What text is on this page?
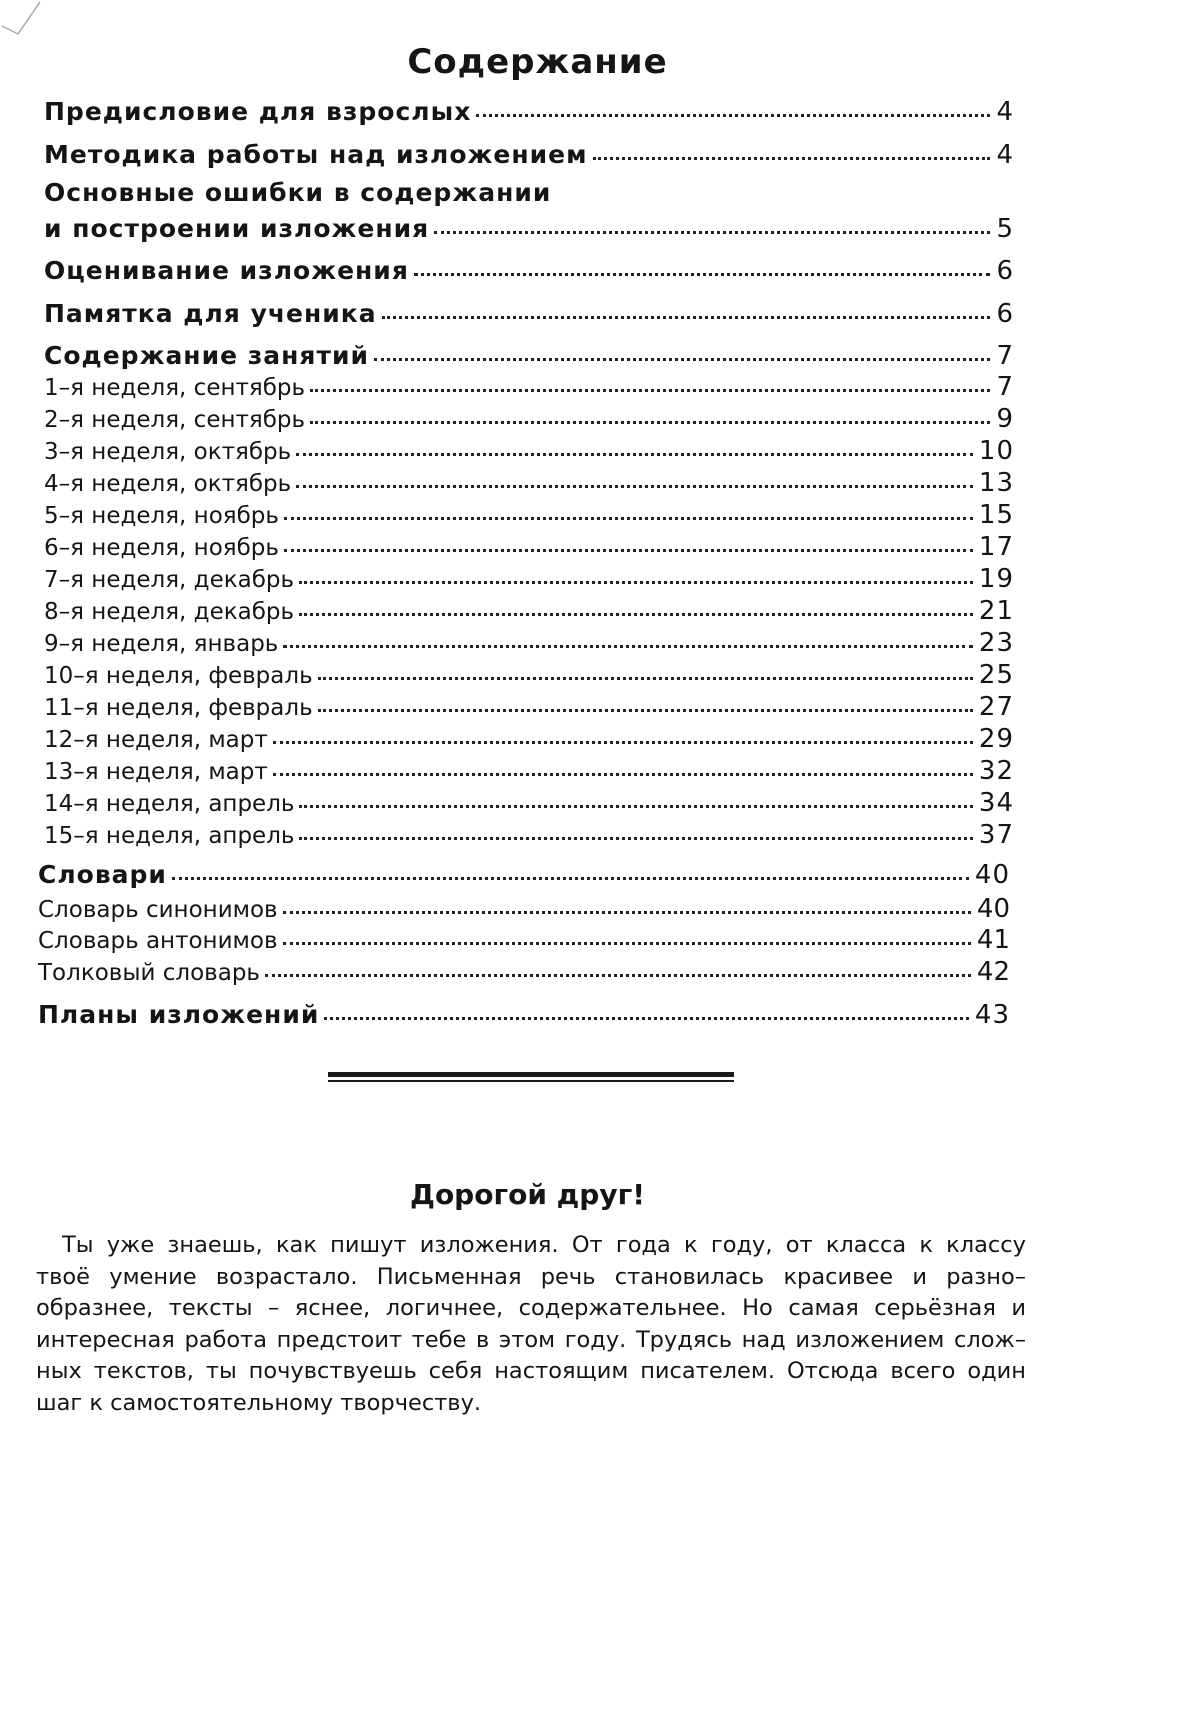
Содержание
Предисловие для взрослых	4
Методика работы над изложением	4
Основные ошибки в содержании
и построении изложения	5
Оценивание изложения	6
Памятка для ученика	6
Содержание занятий	7
1–я неделя, сентябрь	7
2–я неделя, сентябрь	9
3–я неделя, октябрь	10
4–я неделя, октябрь	13
5–я неделя, ноябрь	15
6–я неделя, ноябрь	17
7–я неделя, декабрь	19
8–я неделя, декабрь	21
9–я неделя, январь	23
10–я неделя, февраль	25
11–я неделя, февраль	27
12–я неделя, март	29
13–я неделя, март	32
14–я неделя, апрель	34
15–я неделя, апрель	37
Словари	40
Словарь синонимов	40
Словарь антонимов	41
Толковый словарь	42
Планы изложений	43
Дорогой друг!
Ты уже знаешь, как пишут изложения. От года к году, от класса к классу
твоё умение возрастало. Письменная речь становилась красивее и разно–
образнее, тексты – яснее, логичнее, содержательнее. Но самая серьёзная и
интересная работа предстоит тебе в этом году. Трудясь над изложением слож–
ных текстов, ты почувствуешь себя настоящим писателем. Отсюда всего один
шаг к самостоятельному творчеству.
